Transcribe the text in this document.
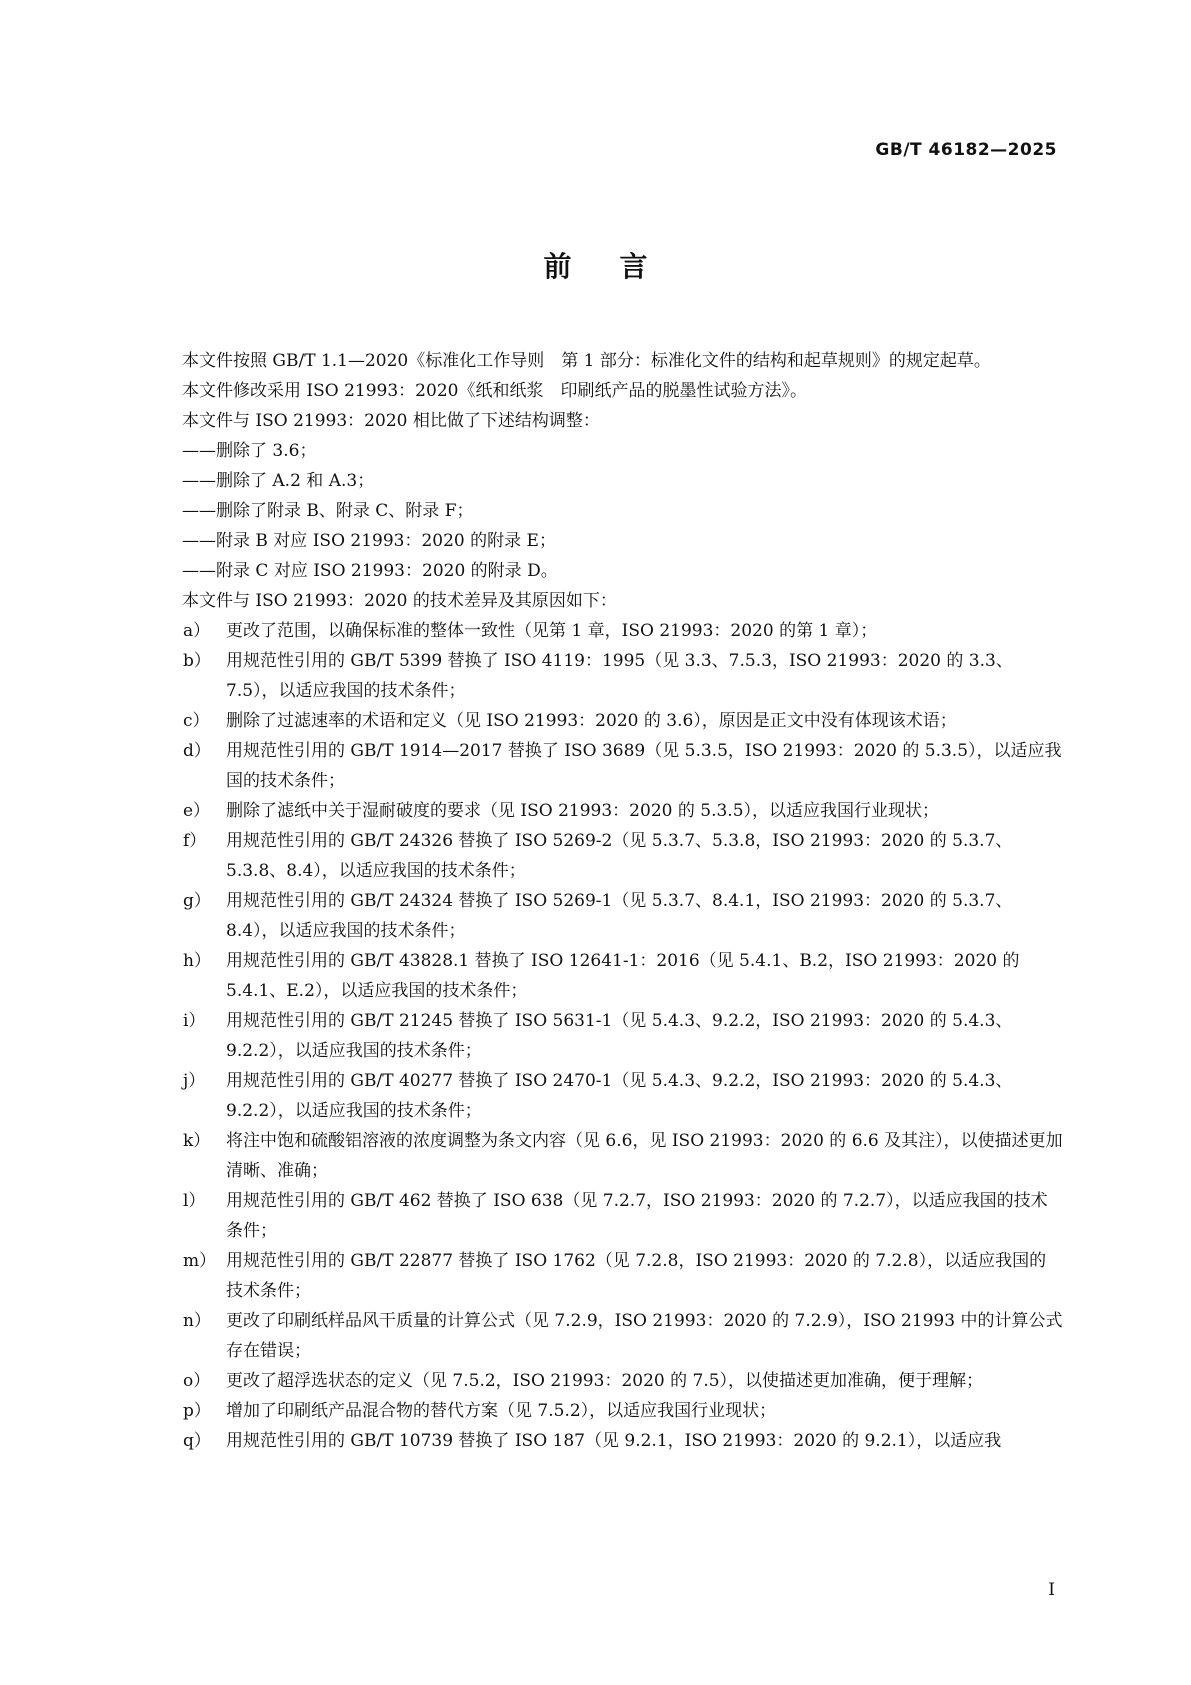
GB/T 46182—2025
前言

本文件按照 GB/T 1.1—2020《标准化工作导则　第 1 部分：标准化文件的结构和起草规则》的规定起草。

本文件修改采用 ISO 21993：2020《纸和纸浆　印刷纸产品的脱墨性试验方法》。

本文件与 ISO 21993：2020 相比做了下述结构调整：

——删除了 3.6；

——删除了 A.2 和 A.3；

——删除了附录 B、附录 C、附录 F；

——附录 B 对应 ISO 21993：2020 的附录 E；

——附录 C 对应 ISO 21993：2020 的附录 D。

本文件与 ISO 21993：2020 的技术差异及其原因如下：

a） 更改了范围，以确保标准的整体一致性（见第 1 章，ISO 21993：2020 的第 1 章）；

b） 用规范性引用的 GB/T 5399 替换了 ISO 4119：1995（见 3.3、7.5.3，ISO 21993：2020 的 3.3、7.5），以适应我国的技术条件；

c） 删除了过滤速率的术语和定义（见 ISO 21993：2020 的 3.6），原因是正文中没有体现该术语；

d） 用规范性引用的 GB/T 1914—2017 替换了 ISO 3689（见 5.3.5，ISO 21993：2020 的 5.3.5），以适应我国的技术条件；

e） 删除了滤纸中关于湿耐破度的要求（见 ISO 21993：2020 的 5.3.5），以适应我国行业现状；

f）	用规范性引用的 GB/T 24326 替换了 ISO 5269-2（见 5.3.7、5.3.8，ISO 21993：2020 的 5.3.7、5.3.8、8.4），以适应我国的技术条件；

g） 用规范性引用的 GB/T 24324 替换了 ISO 5269-1（见 5.3.7、8.4.1，ISO 21993：2020 的 5.3.7、8.4），以适应我国的技术条件；

h） 用规范性引用的 GB/T 43828.1 替换了 ISO 12641-1：2016（见 5.4.1、B.2，ISO 21993：2020 的 5.4.1、E.2），以适应我国的技术条件；

i）	用规范性引用的 GB/T 21245 替换了 ISO 5631-1（见 5.4.3、9.2.2，ISO 21993：2020 的 5.4.3、9.2.2），以适应我国的技术条件；

j）	用规范性引用的 GB/T 40277 替换了 ISO 2470-1（见 5.4.3、9.2.2，ISO 21993：2020 的 5.4.3、9.2.2），以适应我国的技术条件；

k） 将注中饱和硫酸铝溶液的浓度调整为条文内容（见 6.6，见 ISO 21993：2020 的 6.6 及其注），以使描述更加清晰、准确；

l）	用规范性引用的 GB/T 462 替换了 ISO 638（见 7.2.7，ISO 21993：2020 的 7.2.7），以适应我国的技术条件；

m） 用规范性引用的 GB/T 22877 替换了 ISO 1762（见 7.2.8，ISO 21993：2020 的 7.2.8），以适应我国的技术条件；

n） 更改了印刷纸样品风干质量的计算公式（见 7.2.9，ISO 21993：2020 的 7.2.9），ISO 21993 中的计算公式存在错误；

o） 更改了超浮选状态的定义（见 7.5.2，ISO 21993：2020 的 7.5），以使描述更加准确，便于理解；

p） 增加了印刷纸产品混合物的替代方案（见 7.5.2），以适应我国行业现状；

q） 用规范性引用的 GB/T 10739 替换了 ISO 187（见 9.2.1，ISO 21993：2020 的 9.2.1），以适应我

I
